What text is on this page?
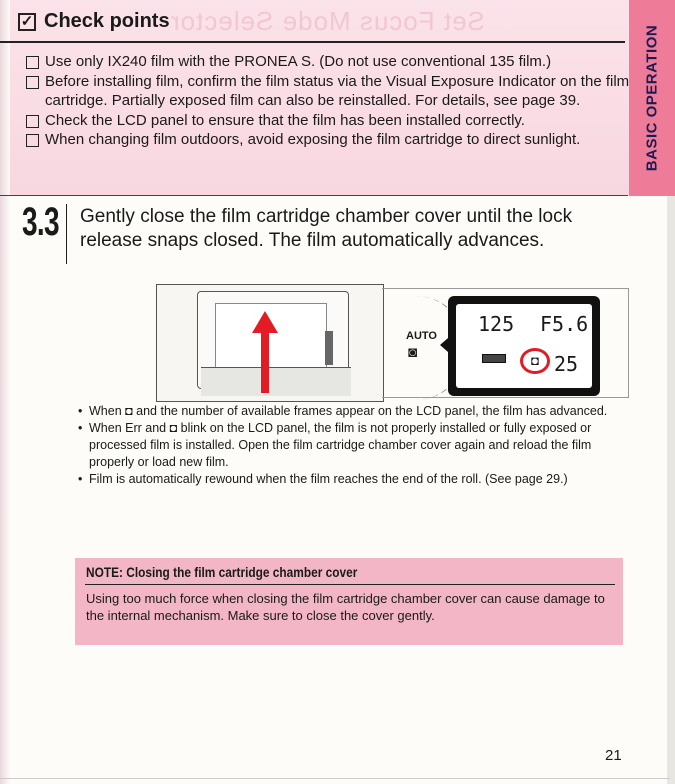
Set Focus Mode Selector
BASIC OPERATION
✓ Check points
Use only IX240 film with the PRONEA S. (Do not use conventional 135 film.)
Before installing film, confirm the film status via the Visual Exposure Indicator on the film cartridge. Partially exposed film can also be reinstalled. For details, see page 39.
Check the LCD panel to ensure that the film has been installed correctly.
When changing film outdoors, avoid exposing the film cartridge to direct sunlight.
3.3 Gently close the film cartridge chamber cover until the lock release snaps closed. The film automatically advances.
AUTO
◙
125 F5.6
◘ 25
• When ◘ and the number of available frames appear on the LCD panel, the film has advanced.
• When Err and ◘ blink on the LCD panel, the film is not properly installed or fully exposed or processed film is installed. Open the film cartridge chamber cover again and reload the film properly or load new film.
• Film is automatically rewound when the film reaches the end of the roll. (See page 29.)
NOTE: Closing the film cartridge chamber cover
Using too much force when closing the film cartridge chamber cover can cause damage to the internal mechanism. Make sure to close the cover gently.
21
